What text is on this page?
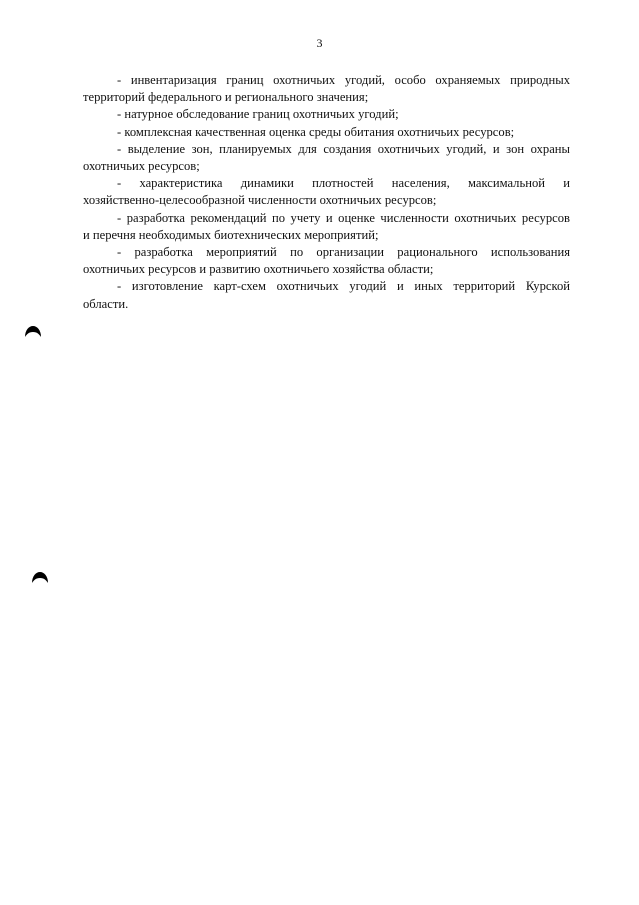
3
- инвентаризация границ охотничьих угодий, особо охраняемых природных
территорий федерального и регионального значения;
- натурное обследование границ охотничьих угодий;
- комплексная качественная оценка среды обитания охотничьих ресурсов;
- выделение зон, планируемых для создания охотничьих угодий, и зон охраны
охотничьих ресурсов;
- характеристика динамики плотностей населения, максимальной и
хозяйственно-целесообразной численности охотничьих ресурсов;
- разработка рекомендаций по учету и оценке численности охотничьих ресурсов
и перечня необходимых биотехнических мероприятий;
- разработка мероприятий по организации рационального использования
охотничьих ресурсов и развитию охотничьего хозяйства области;
- изготовление карт-схем охотничьих угодий и иных территорий Курской
области.
